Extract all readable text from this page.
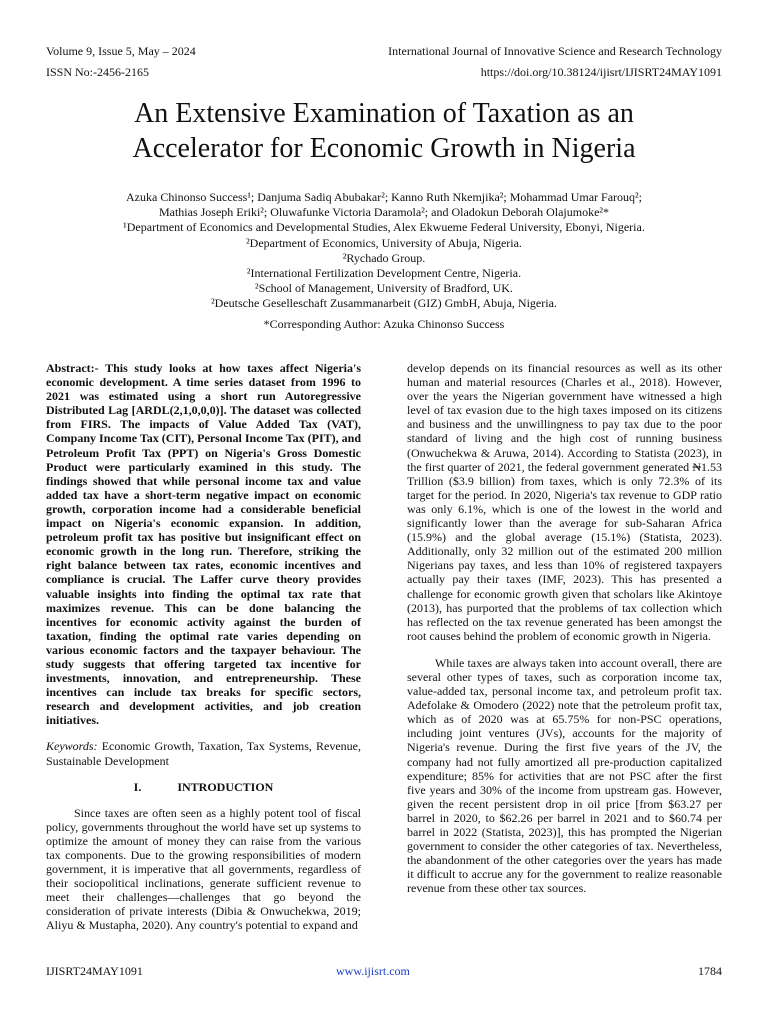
Volume 9, Issue 5, May – 2024	International Journal of Innovative Science and Research Technology
ISSN No:-2456-2165	https://doi.org/10.38124/ijisrt/IJISRT24MAY1091
An Extensive Examination of Taxation as an
Accelerator for Economic Growth in Nigeria
Azuka Chinonso Success¹; Danjuma Sadiq Abubakar²; Kanno Ruth Nkemjika²; Mohammad Umar Farouq²;
Mathias Joseph Eriki²; Oluwafunke Victoria Daramola²; and Oladokun Deborah Olajumoke²*
¹Department of Economics and Developmental Studies, Alex Ekwueme Federal University, Ebonyi, Nigeria.
²Department of Economics, University of Abuja, Nigeria.
²Rychado Group.
²International Fertilization Development Centre, Nigeria.
²School of Management, University of Bradford, UK.
²Deutsche Geselleschaft Zusammanarbeit (GIZ) GmbH, Abuja, Nigeria.
*Corresponding Author: Azuka Chinonso Success

Abstract:- This study looks at how taxes affect Nigeria's economic development. A time series dataset from 1996 to 2021 was estimated using a short run Autoregressive Distributed Lag [ARDL(2,1,0,0,0)]. The dataset was collected from FIRS. The impacts of Value Added Tax (VAT), Company Income Tax (CIT), Personal Income Tax (PIT), and Petroleum Profit Tax (PPT) on Nigeria's Gross Domestic Product were particularly examined in this study. The findings showed that while personal income tax and value added tax have a short-term negative impact on economic growth, corporation income had a considerable beneficial impact on Nigeria's economic expansion. In addition, petroleum profit tax has positive but insignificant effect on economic growth in the long run. Therefore, striking the right balance between tax rates, economic incentives and compliance is crucial. The Laffer curve theory provides valuable insights into finding the optimal tax rate that maximizes revenue. This can be done balancing the incentives for economic activity against the burden of taxation, finding the optimal rate varies depending on various economic factors and the taxpayer behaviour. The study suggests that offering targeted tax incentive for investments, innovation, and entrepreneurship. These incentives can include tax breaks for specific sectors, research and development activities, and job creation initiatives.

Keywords: Economic Growth, Taxation, Tax Systems, Revenue, Sustainable Development

I.	INTRODUCTION

Since taxes are often seen as a highly potent tool of fiscal policy, governments throughout the world have set up systems to optimize the amount of money they can raise from the various tax components. Due to the growing responsibilities of modern government, it is imperative that all governments, regardless of their sociopolitical inclinations, generate sufficient revenue to meet their challenges—challenges that go beyond the consideration of private interests (Dibia & Onwuchekwa, 2019; Aliyu & Mustapha, 2020). Any country's potential to expand and

develop depends on its financial resources as well as its other human and material resources (Charles et al., 2018). However, over the years the Nigerian government have witnessed a high level of tax evasion due to the high taxes imposed on its citizens and business and the unwillingness to pay tax due to the poor standard of living and the high cost of running business (Onwuchekwa & Aruwa, 2014). According to Statista (2023), in the first quarter of 2021, the federal government generated ₦1.53 Trillion ($3.9 billion) from taxes, which is only 72.3% of its target for the period. In 2020, Nigeria's tax revenue to GDP ratio was only 6.1%, which is one of the lowest in the world and significantly lower than the average for sub-Saharan Africa (15.9%) and the global average (15.1%) (Statista, 2023). Additionally, only 32 million out of the estimated 200 million Nigerians pay taxes, and less than 10% of registered taxpayers actually pay their taxes (IMF, 2023). This has presented a challenge for economic growth given that scholars like Akintoye (2013), has purported that the problems of tax collection which has reflected on the tax revenue generated has been amongst the root causes behind the problem of economic growth in Nigeria.

While taxes are always taken into account overall, there are several other types of taxes, such as corporation income tax, value-added tax, personal income tax, and petroleum profit tax. Adefolake & Omodero (2022) note that the petroleum profit tax, which as of 2020 was at 65.75% for non-PSC operations, including joint ventures (JVs), accounts for the majority of Nigeria's revenue. During the first five years of the JV, the company had not fully amortized all pre-production capitalized expenditure; 85% for activities that are not PSC after the first five years and 30% of the income from upstream gas. However, given the recent persistent drop in oil price [from $63.27 per barrel in 2020, to $62.26 per barrel in 2021 and to $60.74 per barrel in 2022 (Statista, 2023)], this has prompted the Nigerian government to consider the other categories of tax. Nevertheless, the abandonment of the other categories over the years has made it difficult to accrue any for the government to realize reasonable revenue from these other tax sources.

IJISRT24MAY1091	www.ijisrt.com	1784
